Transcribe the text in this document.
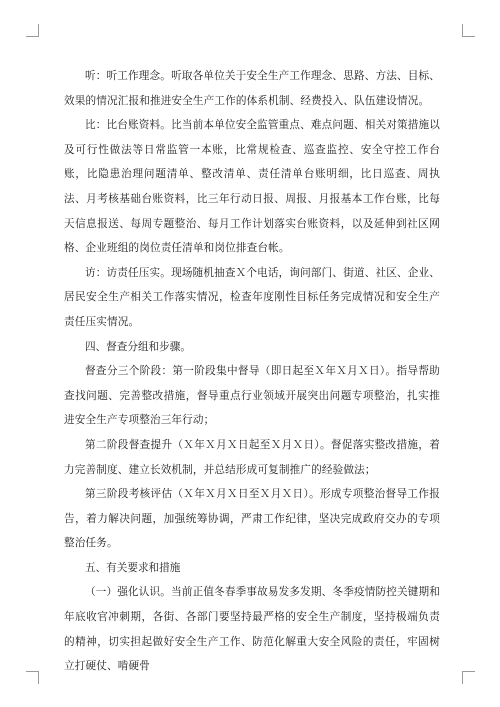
听：听工作理念。听取各单位关于安全生产工作理念、思路、方法、目标、效果的情况汇报和推进安全生产工作的体系机制、经费投入、队伍建设情况。

比：比台账资料。比当前本单位安全监管重点、难点问题、相关对策措施以及可行性做法等日常监管一本账，比常规检查、巡查监控、安全守控工作台账，比隐患治理问题清单、整改清单、责任清单台账明细，比日巡查、周执法、月考核基础台账资料，比三年行动日报、周报、月报基本工作台账，比每天信息报送、每周专题整治、每月工作计划落实台账资料，以及延伸到社区网格、企业班组的岗位责任清单和岗位排查台帐。

访：访责任压实。现场随机抽查Ｘ个电话，询问部门、街道、社区、企业、居民安全生产相关工作落实情况，检查年度刚性目标任务完成情况和安全生产责任压实情况。

四、督查分组和步骤。

督查分三个阶段：第一阶段集中督导（即日起至Ｘ年Ｘ月Ｘ日）。指导帮助查找问题、完善整改措施，督导重点行业领域开展突出问题专项整治，扎实推进安全生产专项整治三年行动；

第二阶段督查提升（Ｘ年Ｘ月Ｘ日起至Ｘ月Ｘ日）。督促落实整改措施，着力完善制度、建立长效机制，并总结形成可复制推广的经验做法；

第三阶段考核评估（Ｘ年Ｘ月Ｘ日至Ｘ月Ｘ日）。形成专项整治督导工作报告，着力解决问题，加强统筹协调，严肃工作纪律，坚决完成政府交办的专项整治任务。

五、有关要求和措施

（一）强化认识。当前正值冬春季事故易发多发期、冬季疫情防控关键期和年底收官冲刺期，各街、各部门要坚持最严格的安全生产制度，坚持极端负责的精神，切实担起做好安全生产工作、防范化解重大安全风险的责任，牢固树立打硬仗、啃硬骨
